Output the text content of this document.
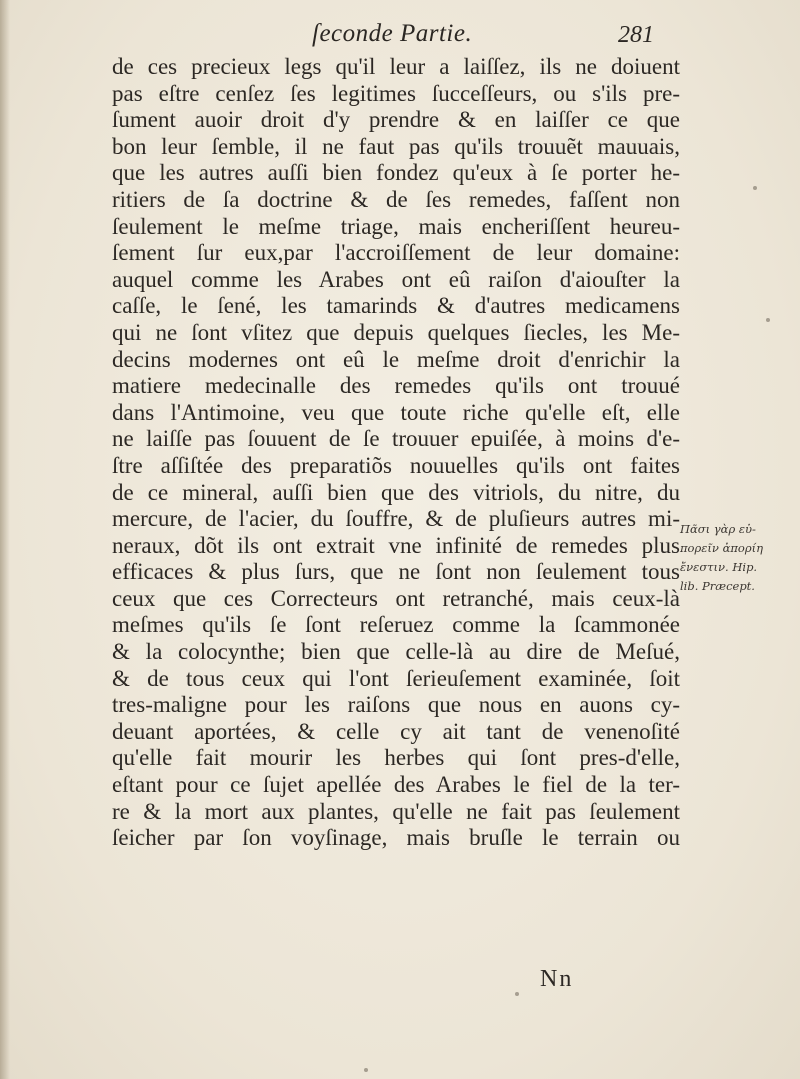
ſeconde Partie.	281
de ces precieux legs qu'il leur a laiſſez, ils ne doiuent
pas eſtre cenſez ſes legitimes ſucceſſeurs, ou s'ils pre-
ſument auoir droit d'y prendre & en laiſſer ce que
bon leur ſemble, il ne faut pas qu'ils trouuẽt mauuais,
que les autres auſſi bien fondez qu'eux à ſe porter he-
ritiers de ſa doctrine & de ſes remedes, faſſent non
ſeulement le meſme triage, mais encheriſſent heureu-
ſement ſur eux,par l'accroiſſement de leur domaine:
auquel comme les Arabes ont eû raiſon d'aiouſter la
caſſe, le ſené, les tamarinds & d'autres medicamens
qui ne ſont vſitez que depuis quelques ſiecles, les Me-
decins modernes ont eû le meſme droit d'enrichir la
matiere medecinalle des remedes qu'ils ont trouué
dans l'Antimoine, veu que toute riche qu'elle eſt, elle
ne laiſſe pas ſouuent de ſe trouuer epuiſée, à moins d'e-
ſtre aſſiſtée des preparatiõs nouuelles qu'ils ont faites
de ce mineral, auſſi bien que des vitriols, du nitre, du
mercure, de l'acier, du ſouffre, & de pluſieurs autres mi-
neraux, dõt ils ont extrait vne infinité de remedes plus
efficaces & plus ſurs, que ne ſont non ſeulement tous
ceux que ces Correcteurs ont retranché, mais ceux-là
meſmes qu'ils ſe ſont reſeruez comme la ſcammonée
& la colocynthe; bien que celle-là au dire de Meſué,
& de tous ceux qui l'ont ſerieuſement examinée, ſoit
tres-maligne pour les raiſons que nous en auons cy-
deuant aportées, & celle cy ait tant de venenoſité
qu'elle fait mourir les herbes qui ſont pres-d'elle,
eſtant pour ce ſujet apellée des Arabes le fiel de la ter-
re & la mort aux plantes, qu'elle ne fait pas ſeulement
ſeicher par ſon voyſinage, mais bruſle le terrain ou
Πᾶσι γὰρ εὐ-
πορεῖν ἀπορίη
ἔνεστιν. Hip.
lib. Præcept.
Nn
